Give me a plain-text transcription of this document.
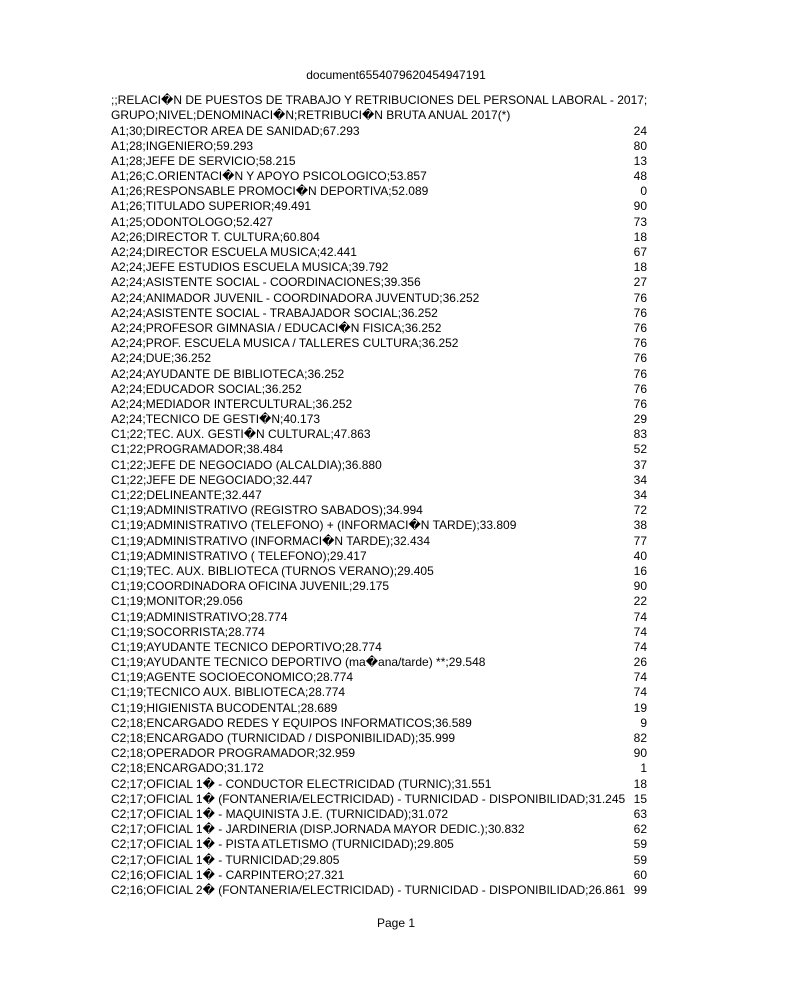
document6554079620454947191
;;RELACI�N DE PUESTOS DE TRABAJO Y RETRIBUCIONES DEL PERSONAL LABORAL - 2017;
GRUPO;NIVEL;DENOMINACI�N;RETRIBUCI�N BRUTA ANUAL 2017(*)
A1;30;DIRECTOR AREA DE SANIDAD;67.293	24
A1;28;INGENIERO;59.293	80
A1;28;JEFE DE SERVICIO;58.215	13
A1;26;C.ORIENTACI�N Y APOYO PSICOLOGICO;53.857	48
A1;26;RESPONSABLE PROMOCI�N DEPORTIVA;52.089	0
A1;26;TITULADO SUPERIOR;49.491	90
A1;25;ODONTOLOGO;52.427	73
A2;26;DIRECTOR T. CULTURA;60.804	18
A2;24;DIRECTOR ESCUELA MUSICA;42.441	67
A2;24;JEFE ESTUDIOS ESCUELA MUSICA;39.792	18
A2;24;ASISTENTE SOCIAL - COORDINACIONES;39.356	27
A2;24;ANIMADOR JUVENIL - COORDINADORA JUVENTUD;36.252	76
A2;24;ASISTENTE SOCIAL - TRABAJADOR SOCIAL;36.252	76
A2;24;PROFESOR GIMNASIA / EDUCACI�N FISICA;36.252	76
A2;24;PROF. ESCUELA MUSICA / TALLERES CULTURA;36.252	76
A2;24;DUE;36.252	76
A2;24;AYUDANTE DE BIBLIOTECA;36.252	76
A2;24;EDUCADOR SOCIAL;36.252	76
A2;24;MEDIADOR INTERCULTURAL;36.252	76
A2;24;TECNICO DE GESTI�N;40.173	29
C1;22;TEC. AUX. GESTI�N CULTURAL;47.863	83
C1;22;PROGRAMADOR;38.484	52
C1;22;JEFE DE NEGOCIADO (ALCALDIA);36.880	37
C1;22;JEFE DE NEGOCIADO;32.447	34
C1;22;DELINEANTE;32.447	34
C1;19;ADMINISTRATIVO (REGISTRO SABADOS);34.994	72
C1;19;ADMINISTRATIVO (TELEFONO) + (INFORMACI�N TARDE);33.809	38
C1;19;ADMINISTRATIVO (INFORMACI�N TARDE);32.434	77
C1;19;ADMINISTRATIVO ( TELEFONO);29.417	40
C1;19;TEC. AUX. BIBLIOTECA (TURNOS VERANO);29.405	16
C1;19;COORDINADORA OFICINA JUVENIL;29.175	90
C1;19;MONITOR;29.056	22
C1;19;ADMINISTRATIVO;28.774	74
C1;19;SOCORRISTA;28.774	74
C1;19;AYUDANTE TECNICO DEPORTIVO;28.774	74
C1;19;AYUDANTE TECNICO DEPORTIVO (ma�ana/tarde) **;29.548	26
C1;19;AGENTE SOCIOECONOMICO;28.774	74
C1;19;TECNICO AUX. BIBLIOTECA;28.774	74
C1;19;HIGIENISTA BUCODENTAL;28.689	19
C2;18;ENCARGADO REDES Y EQUIPOS INFORMATICOS;36.589	9
C2;18;ENCARGADO (TURNICIDAD / DISPONIBILIDAD);35.999	82
C2;18;OPERADOR PROGRAMADOR;32.959	90
C2;18;ENCARGADO;31.172	1
C2;17;OFICIAL 1� - CONDUCTOR ELECTRICIDAD (TURNIC);31.551	18
C2;17;OFICIAL 1� (FONTANERIA/ELECTRICIDAD) - TURNICIDAD - DISPONIBILIDAD;31.245 15
C2;17;OFICIAL 1� - MAQUINISTA J.E. (TURNICIDAD);31.072	63
C2;17;OFICIAL 1� - JARDINERIA (DISP.JORNADA MAYOR DEDIC.);30.832	62
C2;17;OFICIAL 1� - PISTA ATLETISMO (TURNICIDAD);29.805	59
C2;17;OFICIAL 1� - TURNICIDAD;29.805	59
C2;16;OFICIAL 1� - CARPINTERO;27.321	60
C2;16;OFICIAL 2� (FONTANERIA/ELECTRICIDAD) - TURNICIDAD - DISPONIBILIDAD;26.861 99
Page 1
